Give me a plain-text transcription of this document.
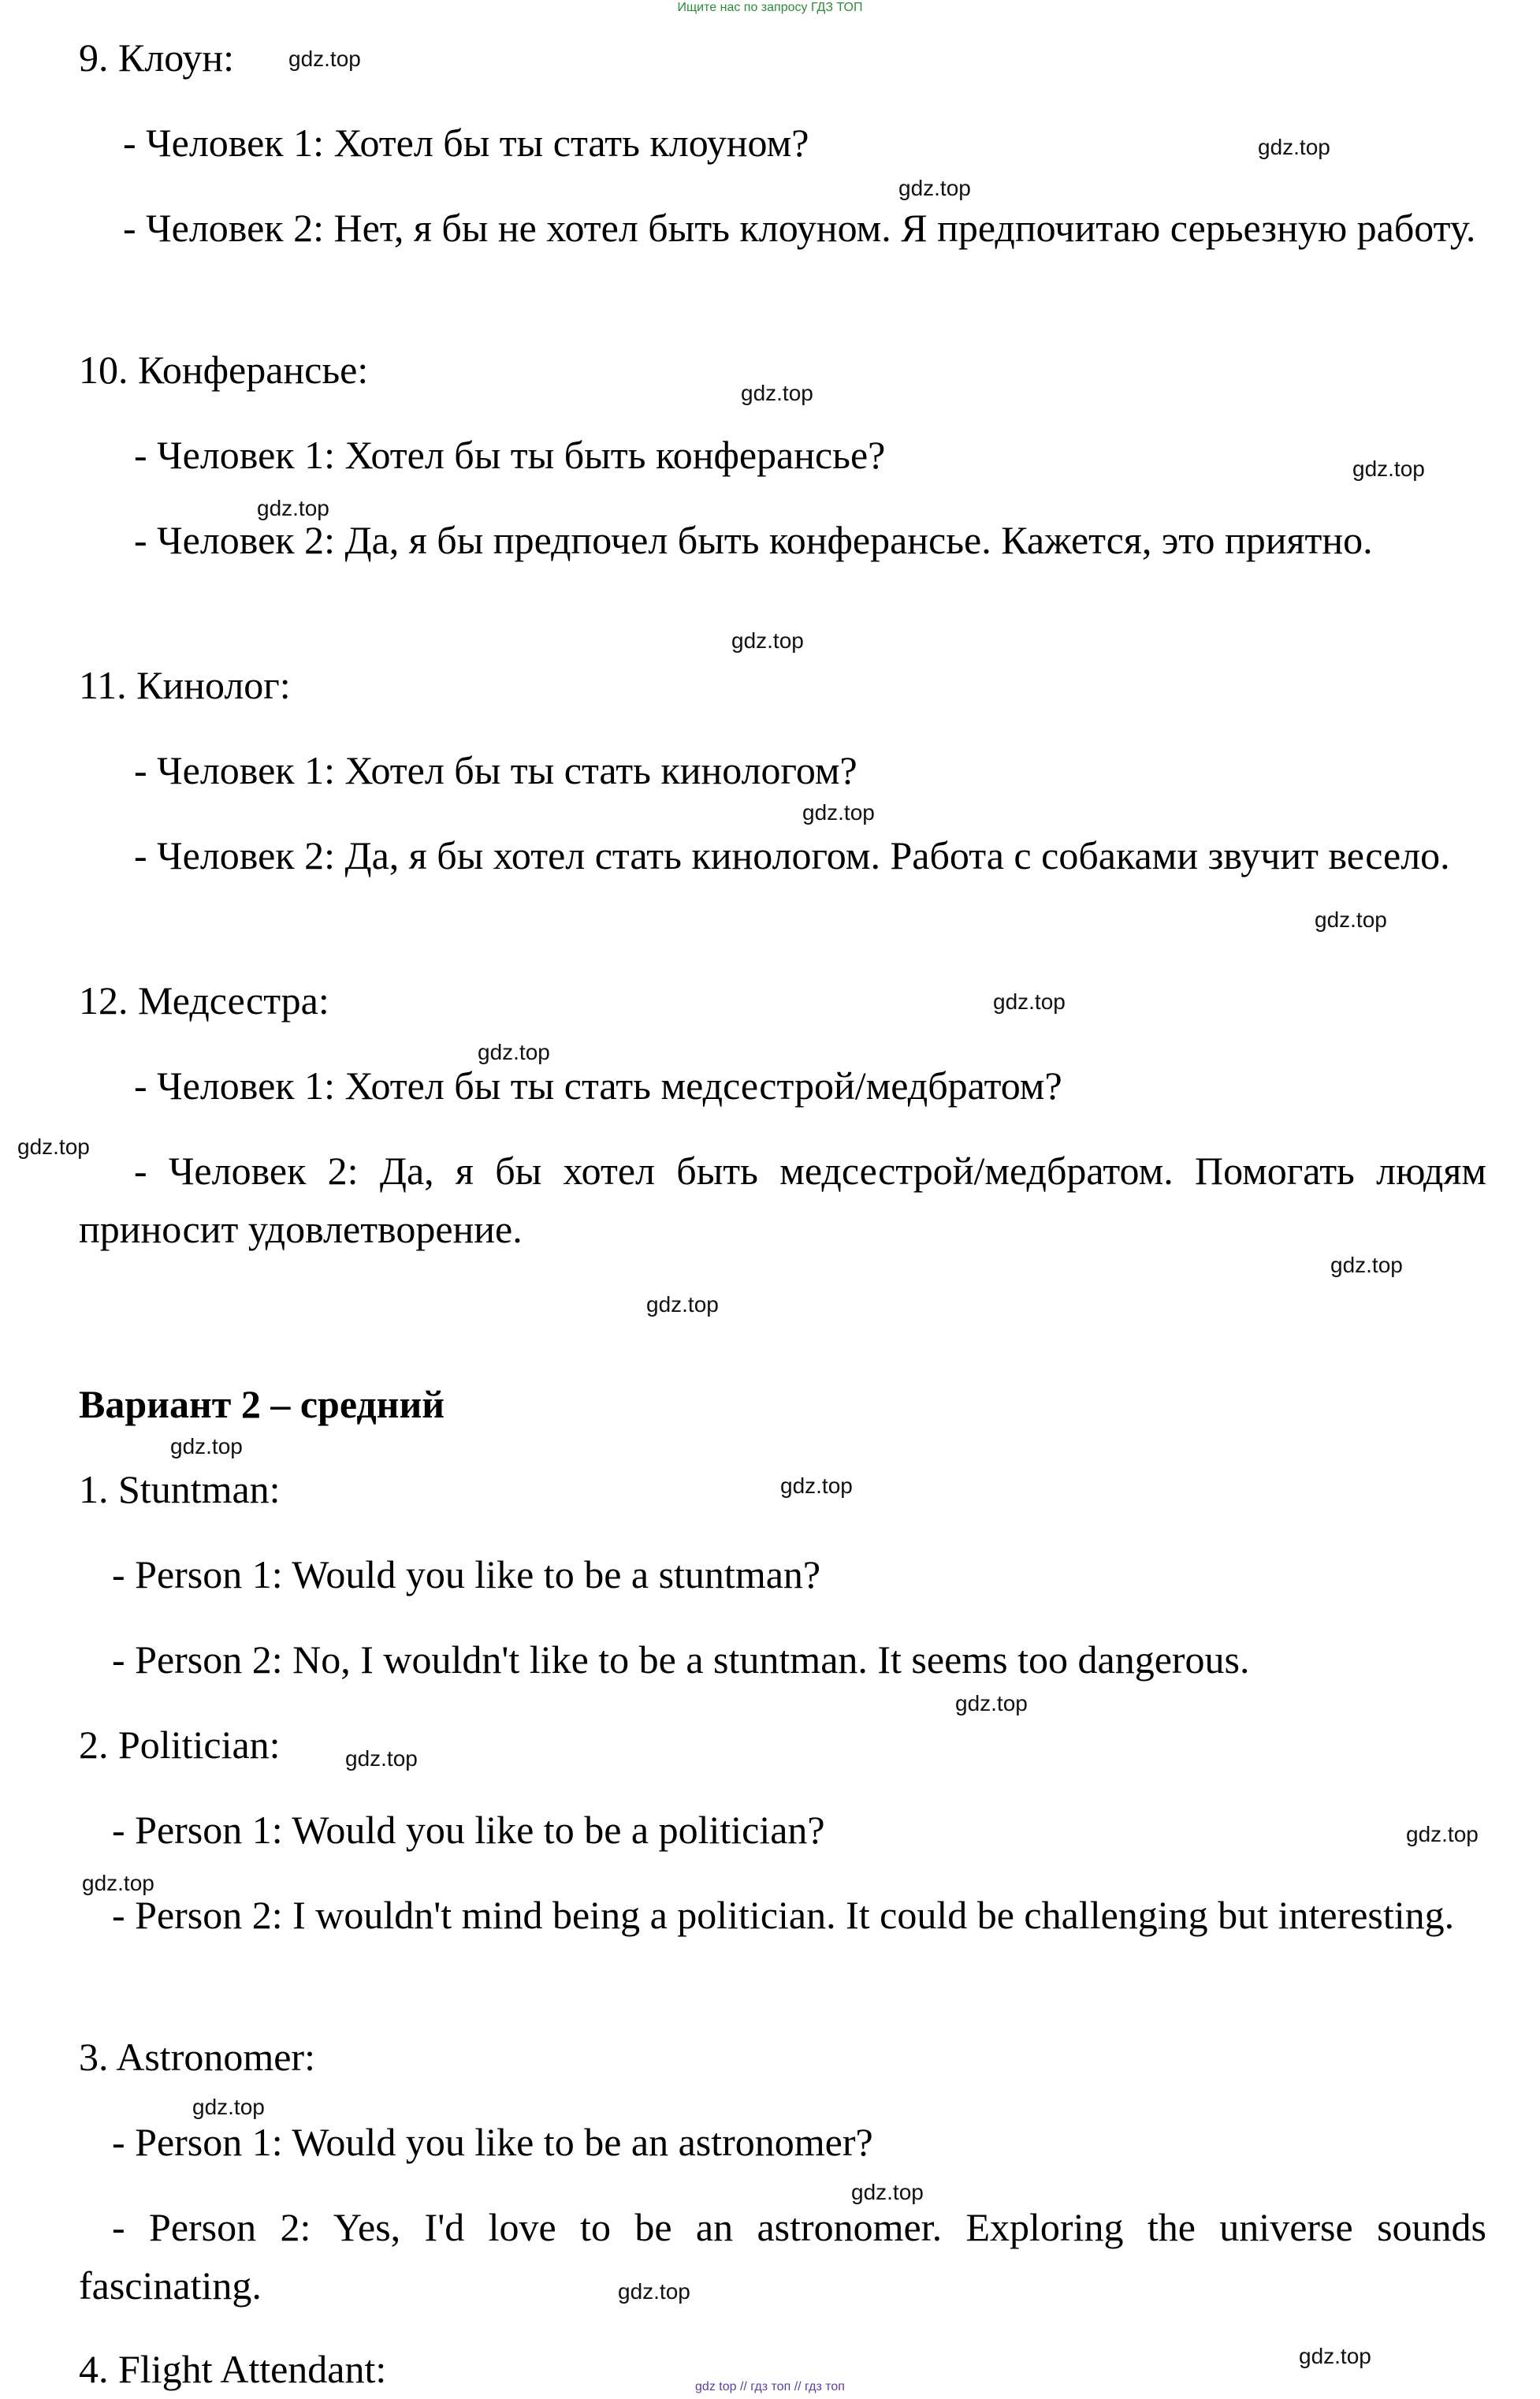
Ищите нас по запросу ГДЗ ТОП
9. Клоун:
- Человек 1: Хотел бы ты стать клоуном?
- Человек 2: Нет, я бы не хотел быть клоуном. Я предпочитаю серьезную работу.
10. Конферансье:
- Человек 1: Хотел бы ты быть конферансье?
- Человек 2: Да, я бы предпочел быть конферансье. Кажется, это приятно.
11. Кинолог:
- Человек 1: Хотел бы ты стать кинологом?
- Человек 2: Да, я бы хотел стать кинологом. Работа с собаками звучит весело.
12. Медсестра:
- Человек 1: Хотел бы ты стать медсестрой/медбратом?
- Человек 2: Да, я бы хотел быть медсестрой/медбратом. Помогать людям приносит удовлетворение.
Вариант 2 – средний
1. Stuntman:
- Person 1: Would you like to be a stuntman?
- Person 2: No, I wouldn't like to be a stuntman. It seems too dangerous.
2. Politician:
- Person 1: Would you like to be a politician?
- Person 2: I wouldn't mind being a politician. It could be challenging but interesting.
3. Astronomer:
- Person 1: Would you like to be an astronomer?
- Person 2: Yes, I'd love to be an astronomer. Exploring the universe sounds fascinating.
4. Flight Attendant:
gdz.top
gdz.top
gdz.top
gdz.top
gdz.top
gdz.top
gdz.top
gdz.top
gdz.top
gdz.top
gdz.top
gdz.top
gdz.top
gdz.top
gdz.top
gdz.top
gdz.top
gdz.top
gdz.top
gdz.top
gdz.top
gdz.top
gdz.top
gdz.top
gdz top // гдз топ // гдз топ
